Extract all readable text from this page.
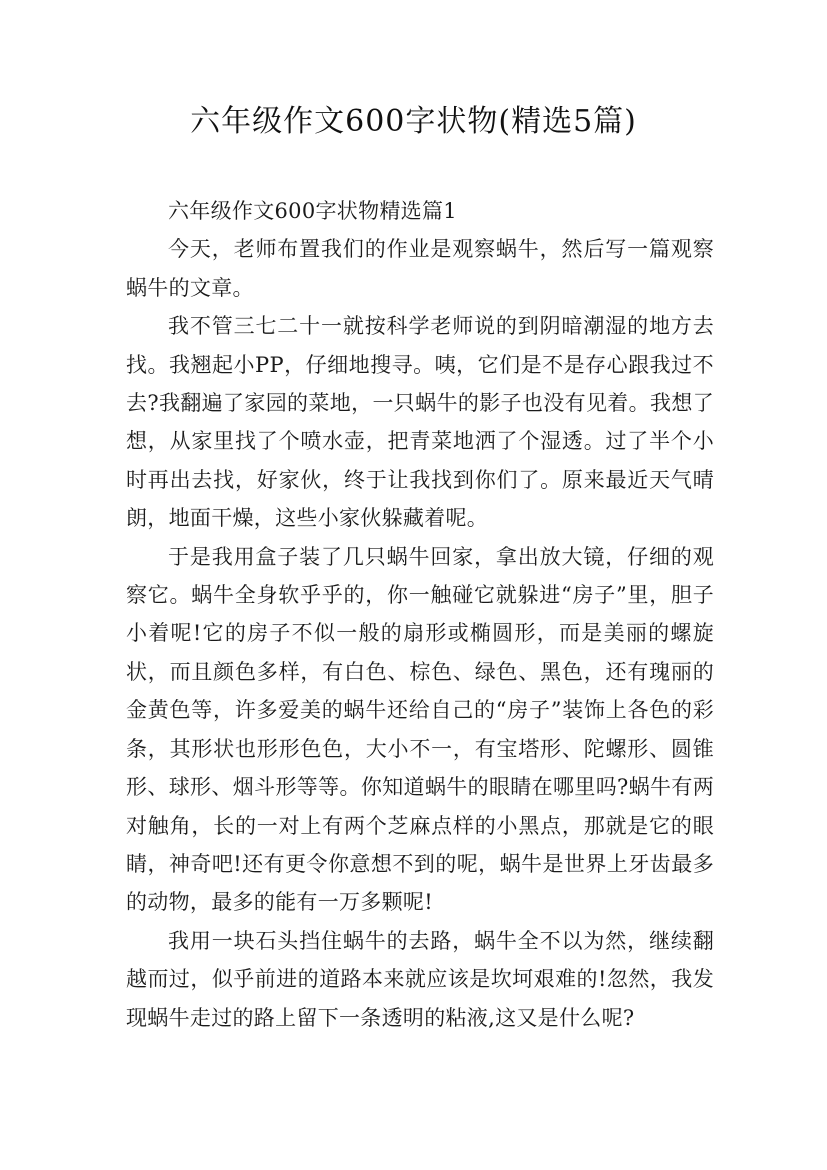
六年级作文600字状物(精选5篇)

六年级作文600字状物精选篇1

今天，老师布置我们的作业是观察蜗牛，然后写一篇观察蜗牛的文章。

我不管三七二十一就按科学老师说的到阴暗潮湿的地方去找。我翘起小PP，仔细地搜寻。咦，它们是不是存心跟我过不去?我翻遍了家园的菜地，一只蜗牛的影子也没有见着。我想了想，从家里找了个喷水壶，把青菜地洒了个湿透。过了半个小时再出去找，好家伙，终于让我找到你们了。原来最近天气晴朗，地面干燥，这些小家伙躲藏着呢。

于是我用盒子装了几只蜗牛回家，拿出放大镜，仔细的观察它。蜗牛全身软乎乎的，你一触碰它就躲进“房子”里，胆子小着呢!它的房子不似一般的扇形或椭圆形，而是美丽的螺旋状，而且颜色多样，有白色、棕色、绿色、黑色，还有瑰丽的金黄色等，许多爱美的蜗牛还给自己的“房子”装饰上各色的彩条，其形状也形形色色，大小不一，有宝塔形、陀螺形、圆锥形、球形、烟斗形等等。你知道蜗牛的眼睛在哪里吗?蜗牛有两对触角，长的一对上有两个芝麻点样的小黑点，那就是它的眼睛，神奇吧!还有更令你意想不到的呢，蜗牛是世界上牙齿最多的动物，最多的能有一万多颗呢!

我用一块石头挡住蜗牛的去路，蜗牛全不以为然，继续翻越而过，似乎前进的道路本来就应该是坎坷艰难的!忽然，我发现蜗牛走过的路上留下一条透明的粘液,这又是什么呢?
